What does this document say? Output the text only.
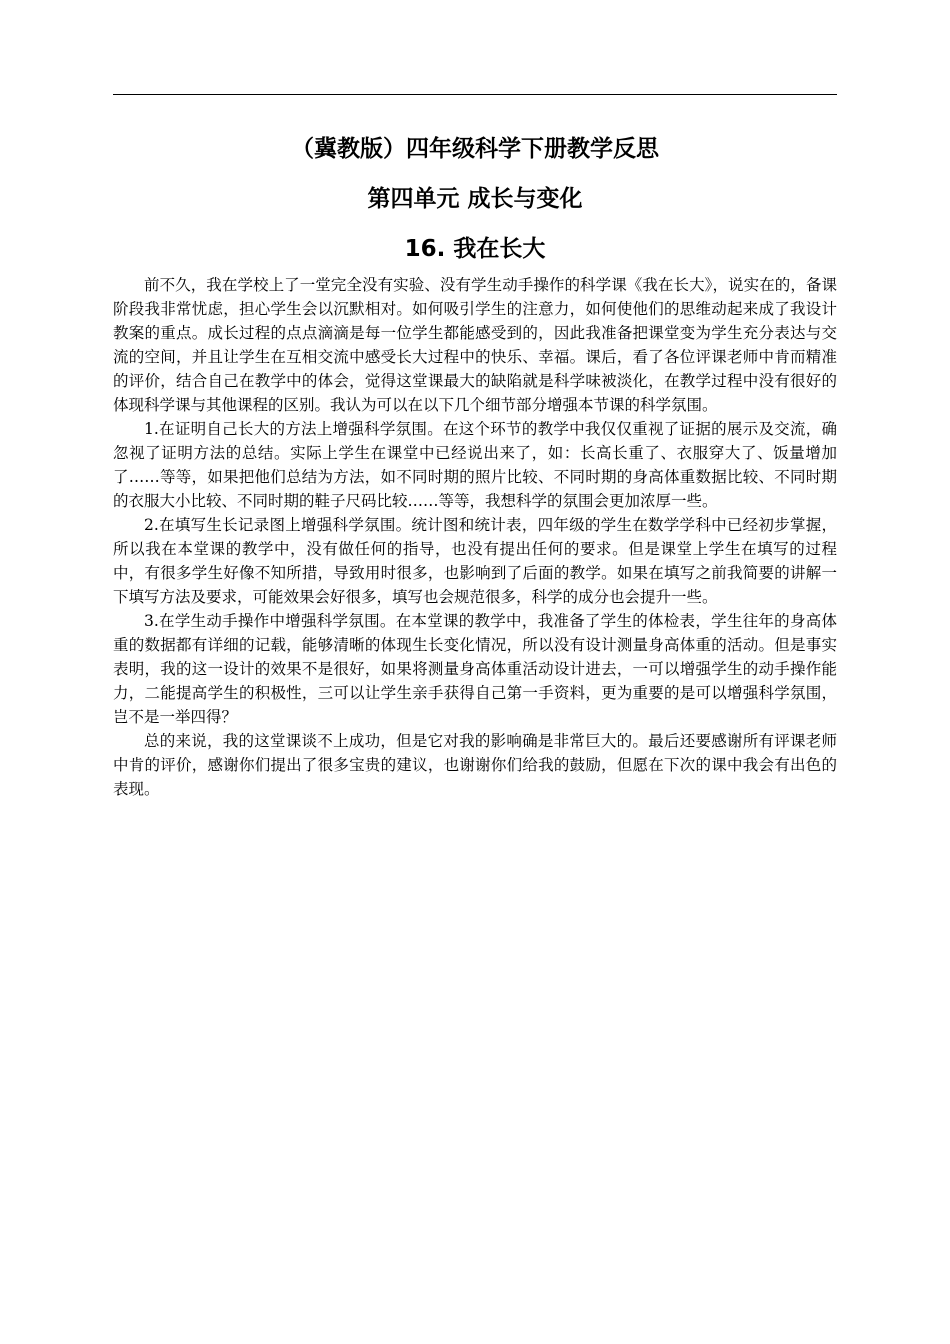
（冀教版）四年级科学下册教学反思
第四单元 成长与变化
16. 我在长大

前不久，我在学校上了一堂完全没有实验、没有学生动手操作的科学课《我在长大》，说实在的，备课阶段我非常忧虑，担心学生会以沉默相对。如何吸引学生的注意力，如何使他们的思维动起来成了我设计教案的重点。成长过程的点点滴滴是每一位学生都能感受到的，因此我准备把课堂变为学生充分表达与交流的空间，并且让学生在互相交流中感受长大过程中的快乐、幸福。课后，看了各位评课老师中肯而精准的评价，结合自己在教学中的体会，觉得这堂课最大的缺陷就是科学味被淡化，在教学过程中没有很好的体现科学课与其他课程的区别。我认为可以在以下几个细节部分增强本节课的科学氛围。

1.在证明自己长大的方法上增强科学氛围。在这个环节的教学中我仅仅重视了证据的展示及交流，确忽视了证明方法的总结。实际上学生在课堂中已经说出来了，如：长高长重了、衣服穿大了、饭量增加了……等等，如果把他们总结为方法，如不同时期的照片比较、不同时期的身高体重数据比较、不同时期的衣服大小比较、不同时期的鞋子尺码比较……等等，我想科学的氛围会更加浓厚一些。

2.在填写生长记录图上增强科学氛围。统计图和统计表，四年级的学生在数学学科中已经初步掌握，所以我在本堂课的教学中，没有做任何的指导，也没有提出任何的要求。但是课堂上学生在填写的过程中，有很多学生好像不知所措，导致用时很多，也影响到了后面的教学。如果在填写之前我简要的讲解一下填写方法及要求，可能效果会好很多，填写也会规范很多，科学的成分也会提升一些。

3.在学生动手操作中增强科学氛围。在本堂课的教学中，我准备了学生的体检表，学生往年的身高体重的数据都有详细的记载，能够清晰的体现生长变化情况，所以没有设计测量身高体重的活动。但是事实表明，我的这一设计的效果不是很好，如果将测量身高体重活动设计进去，一可以增强学生的动手操作能力，二能提高学生的积极性，三可以让学生亲手获得自己第一手资料，更为重要的是可以增强科学氛围，岂不是一举四得？

总的来说，我的这堂课谈不上成功，但是它对我的影响确是非常巨大的。最后还要感谢所有评课老师中肯的评价，感谢你们提出了很多宝贵的建议，也谢谢你们给我的鼓励，但愿在下次的课中我会有出色的表现。
